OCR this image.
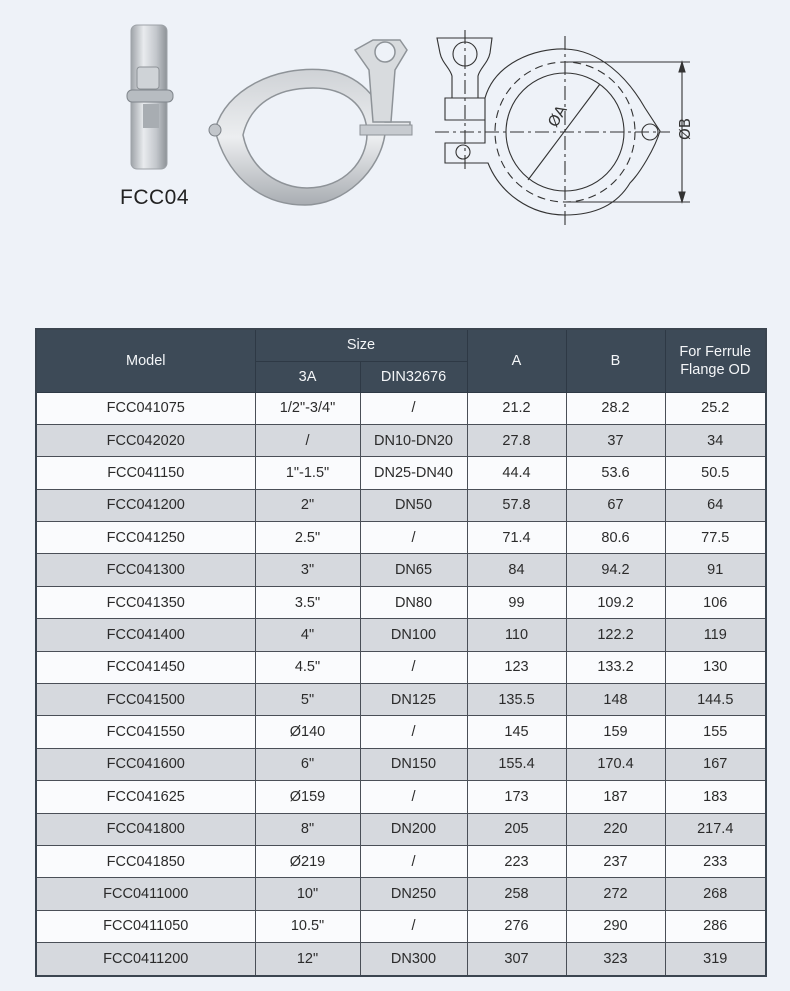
ØA	ØB
FCC04
Model	Size		A	B	For Ferrule
Flange OD

	3A	DIN32676			
FCC041075	1/2"-3/4"	/	21.2	28.2	25.2
FCC042020	/	DN10-DN20	27.8	37	34
FCC041150	1"-1.5"	DN25-DN40	44.4	53.6	50.5
FCC041200	2"	DN50	57.8	67	64
FCC041250	2.5"	/	71.4	80.6	77.5
FCC041300	3"	DN65	84	94.2	91
FCC041350	3.5"	DN80	99	109.2	106
FCC041400	4"	DN100	110	122.2	119
FCC041450	4.5"	/	123	133.2	130
FCC041500	5"	DN125	135.5	148	144.5
FCC041550	Ø140	/	145	159	155
FCC041600	6"	DN150	155.4	170.4	167
FCC041625	Ø159	/	173	187	183
FCC041800	8"	DN200	205	220	217.4
FCC041850	Ø219	/	223	237	233
FCC0411000	10"	DN250	258	272	268
FCC0411050	10.5"	/	276	290	286
FCC0411200	12"	DN300	307	323	319
